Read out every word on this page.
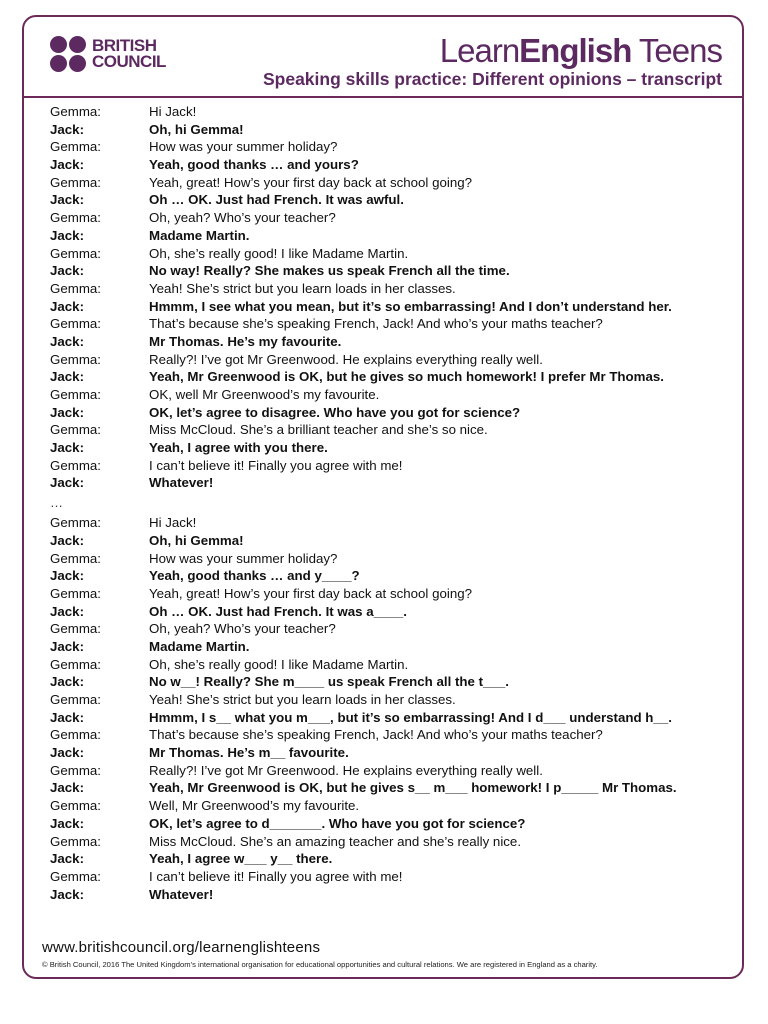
BRITISH
COUNCIL	LearnEnglish Teens
Speaking skills practice: Different opinions – transcript
Gemma:	Hi Jack!
Jack:	Oh, hi Gemma!
Gemma:	How was your summer holiday?
Jack:	Yeah, good thanks … and yours?
Gemma:	Yeah, great! How’s your first day back at school going?
Jack:	Oh … OK. Just had French. It was awful.
Gemma:	Oh, yeah? Who’s your teacher?
Jack:	Madame Martin.
Gemma:	Oh, she’s really good! I like Madame Martin.
Jack:	No way! Really? She makes us speak French all the time.
Gemma:	Yeah! She’s strict but you learn loads in her classes.
Jack:	Hmmm, I see what you mean, but it’s so embarrassing! And I don’t understand her.
Gemma:	That’s because she’s speaking French, Jack! And who’s your maths teacher?
Jack:	Mr Thomas. He’s my favourite.
Gemma:	Really?! I’ve got Mr Greenwood. He explains everything really well.
Jack:	Yeah, Mr Greenwood is OK, but he gives so much homework! I prefer Mr Thomas.
Gemma:	OK, well Mr Greenwood’s my favourite.
Jack:	OK, let’s agree to disagree. Who have you got for science?
Gemma:	Miss McCloud. She’s a brilliant teacher and she’s so nice.
Jack:	Yeah, I agree with you there.
Gemma:	I can’t believe it! Finally you agree with me!
Jack:	Whatever!
…
Gemma:	Hi Jack!
Jack:	Oh, hi Gemma!
Gemma:	How was your summer holiday?
Jack:	Yeah, good thanks … and y____?
Gemma:	Yeah, great! How’s your first day back at school going?
Jack:	Oh … OK. Just had French. It was a____.
Gemma:	Oh, yeah? Who’s your teacher?
Jack:	Madame Martin.
Gemma:	Oh, she’s really good! I like Madame Martin.
Jack:	No w__! Really? She m____ us speak French all the t___.
Gemma:	Yeah! She’s strict but you learn loads in her classes.
Jack:	Hmmm, I s__ what you m___, but it’s so embarrassing! And I d___ understand h__.
Gemma:	That’s because she’s speaking French, Jack! And who’s your maths teacher?
Jack:	Mr Thomas. He’s m__ favourite.
Gemma:	Really?! I’ve got Mr Greenwood. He explains everything really well.
Jack:	Yeah, Mr Greenwood is OK, but he gives s__ m___ homework! I p_____ Mr Thomas.
Gemma:	Well, Mr Greenwood’s my favourite.
Jack:	OK, let’s agree to d_______. Who have you got for science?
Gemma:	Miss McCloud. She’s an amazing teacher and she’s really nice.
Jack:	Yeah, I agree w___ y__ there.
Gemma:	I can’t believe it! Finally you agree with me!
Jack:	Whatever!
www.britishcouncil.org/learnenglishteens
© British Council, 2016 The United Kingdom’s international organisation for educational opportunities and cultural relations. We are registered in England as a charity.
